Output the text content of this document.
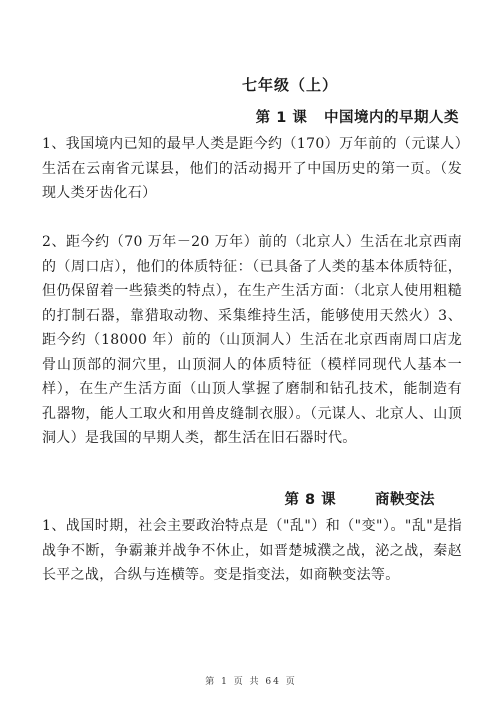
七年级（上）
第 1 课   中国境内的早期人类

1、我国境内已知的最早人类是距今约（170）万年前的（元谋人）生活在云南省元谋县，他们的活动揭开了中国历史的第一页。（发现人类牙齿化石）

2、距今约（70 万年－20 万年）前的（北京人）生活在北京西南的（周口店），他们的体质特征：（已具备了人类的基本体质特征，但仍保留着一些猿类的特点），在生产生活方面：（北京人使用粗糙的打制石器，靠猎取动物、采集维持生活，能够使用天然火）3、距今约（18000 年）前的（山顶洞人）生活在北京西南周口店龙骨山顶部的洞穴里，山顶洞人的体质特征（模样同现代人基本一样），在生产生活方面（山顶人掌握了磨制和钻孔技术，能制造有孔器物，能人工取火和用兽皮缝制衣服）。（元谋人、北京人、山顶洞人）是我国的早期人类，都生活在旧石器时代。

第 8 课       商鞅变法

1、战国时期，社会主要政治特点是（"乱"）和（"变"）。"乱"是指战争不断，争霸兼并战争不休止，如晋楚城濮之战，泌之战，秦赵长平之战，合纵与连横等。变是指变法，如商鞅变法等。

第 1 页 共 64 页
